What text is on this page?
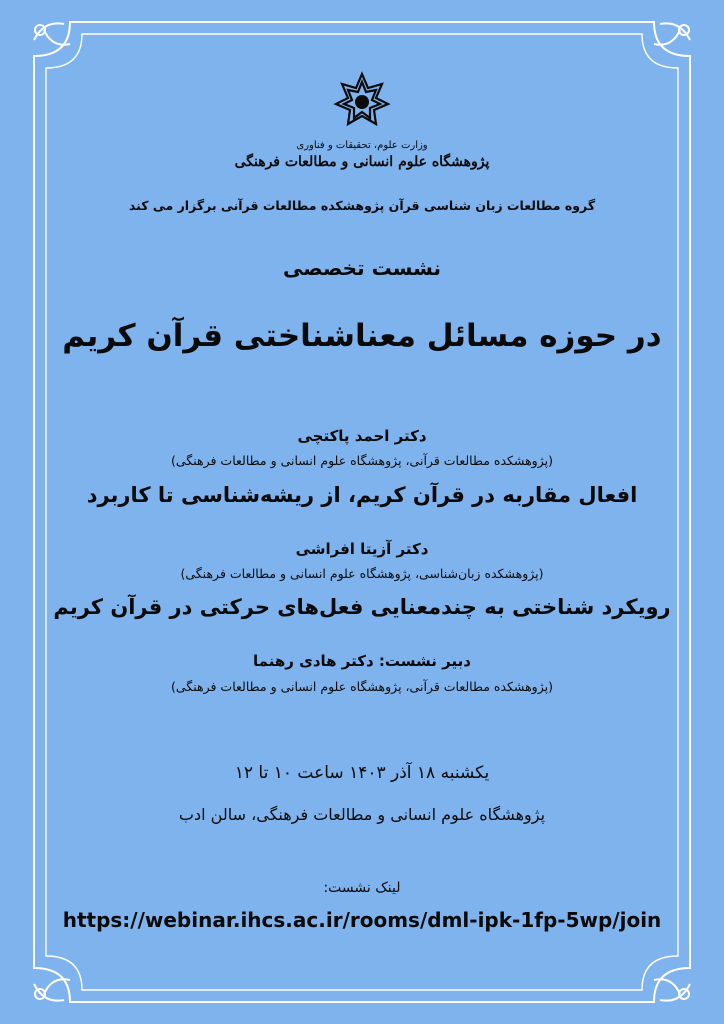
وزارت علوم، تحقیقات و فناوری
پژوهشگاه علوم انسانی و مطالعات فرهنگی
گروه مطالعات زبان شناسی قرآن پژوهشکده مطالعات قرآنی برگزار می کند
نشست تخصصی
در حوزه مسائل معناشناختی قرآن کریم
دکتر احمد پاکتچی
(پژوهشکده مطالعات قرآنی، پژوهشگاه علوم انسانی و مطالعات فرهنگی)
افعال مقاربه در قرآن کریم، از ریشه‌شناسی تا کاربرد
دکتر آزیتا افراشی
(پژوهشکده زبان‌شناسی، پژوهشگاه علوم انسانی و مطالعات فرهنگی)
رویکرد شناختی به چندمعنایی فعل‌های حرکتی در قرآن کریم
دبیر نشست: دکتر هادی رهنما
(پژوهشکده مطالعات قرآنی، پژوهشگاه علوم انسانی و مطالعات فرهنگی)
یکشنبه ۱۸ آذر ۱۴۰۳ ساعت ۱۰ تا ۱۲
پژوهشگاه علوم انسانی و مطالعات فرهنگی، سالن ادب
لینک نشست:
https://webinar.ihcs.ac.ir/rooms/dml-ipk-1fp-5wp/join
